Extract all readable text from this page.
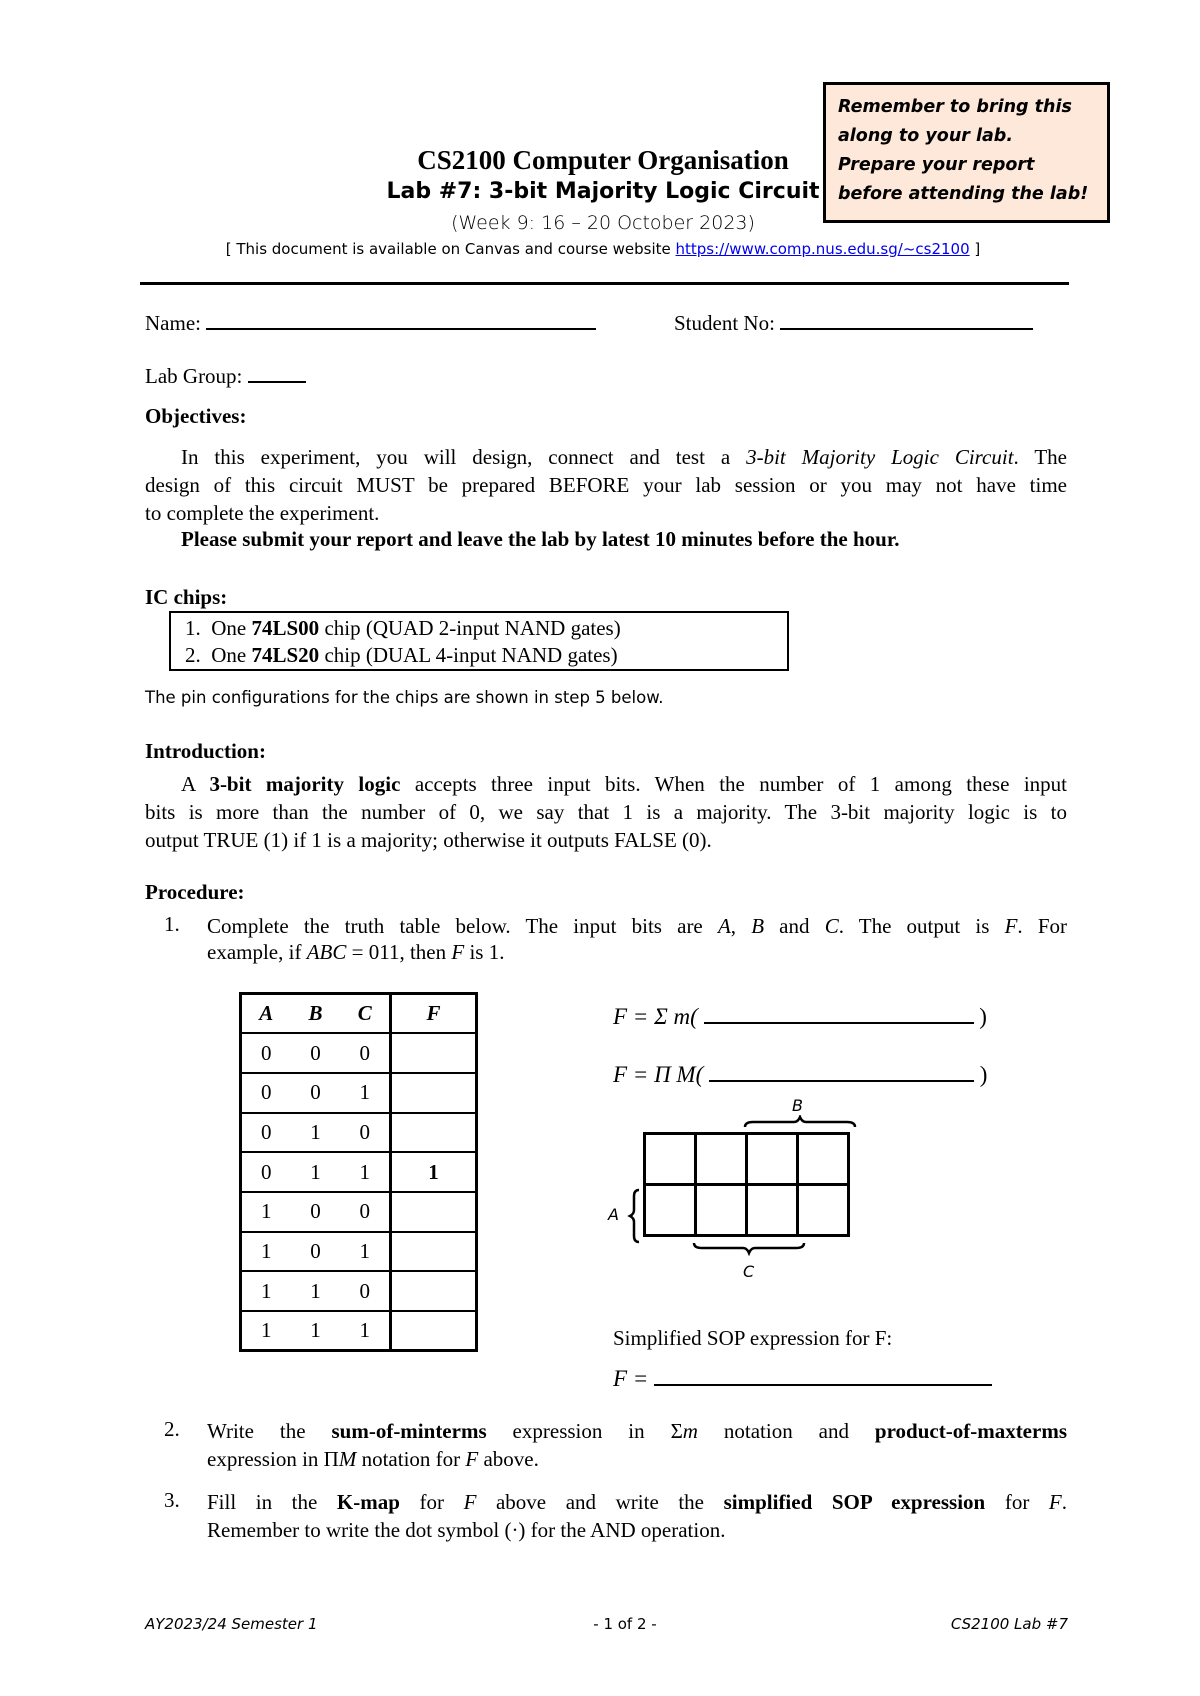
Remember to bring this
along to your lab.
Prepare your report
before attending the lab!
CS2100 Computer Organisation
Lab #7: 3-bit Majority Logic Circuit
(Week 9: 16 – 20 October 2023)
[ This document is available on Canvas and course website https://www.comp.nus.edu.sg/~cs2100 ]
Name:	Student No:
Lab Group:
Objectives:
In this experiment, you will design, connect and test a 3-bit Majority Logic Circuit. The
design of this circuit MUST be prepared BEFORE your lab session or you may not have time
to complete the experiment.
Please submit your report and leave the lab by latest 10 minutes before the hour.
IC chips:
1. One 74LS00 chip (QUAD 2-input NAND gates)
2. One 74LS20 chip (DUAL 4-input NAND gates)
The pin configurations for the chips are shown in step 5 below.
Introduction:
A 3-bit majority logic accepts three input bits. When the number of 1 among these input
bits is more than the number of 0, we say that 1 is a majority. The 3-bit majority logic is to
output TRUE (1) if 1 is a majority; otherwise it outputs FALSE (0).
Procedure:
1. Complete the truth table below. The input bits are A, B and C. The output is F. For
example, if ABC = 011, then F is 1.
A	B	C	F
0	0	0	
0	0	1	
0	1	0	
0	1	1	1
1	0	0	
1	0	1	
1	1	0	
1	1	1	
F = Σ m(	)
F = Π M(	)
B

A
C
Simplified SOP expression for F:
F =
2. Write the sum-of-minterms expression in Σm notation and product-of-maxterms
expression in ΠM notation for F above.
3. Fill in the K-map for F above and write the simplified SOP expression for F.
Remember to write the dot symbol (·) for the AND operation.
AY2023/24 Semester 1	- 1 of 2 -	CS2100 Lab #7
